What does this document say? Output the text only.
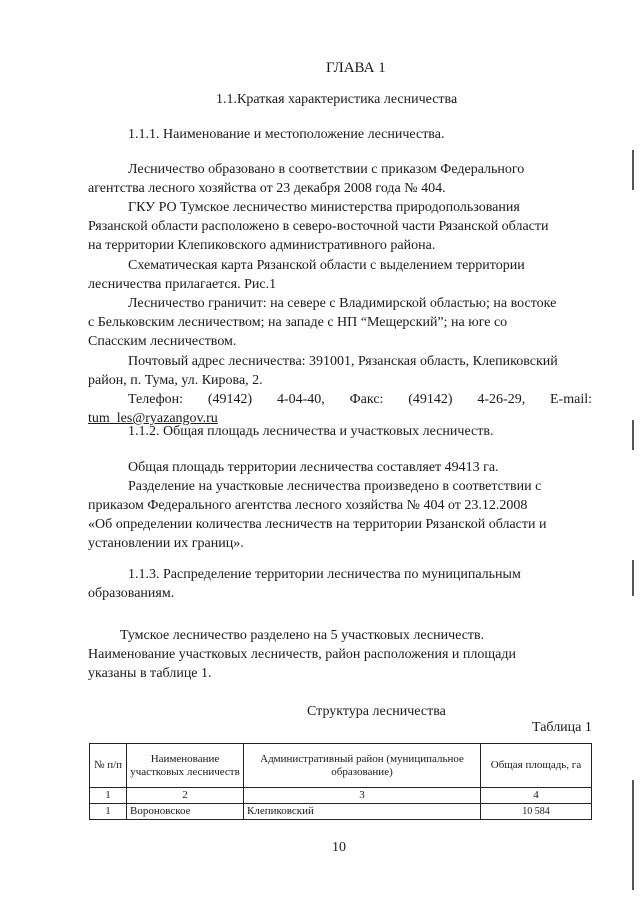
ГЛАВА 1
1.1.Краткая характеристика лесничества
1.1.1. Наименование и местоположение лесничества.
Лесничество образовано в соответствии с приказом Федерального
агентства лесного хозяйства от 23 декабря 2008 года № 404.
ГКУ РО Тумское лесничество министерства природопользования
Рязанской области расположено в северо-восточной части Рязанской области
на территории Клепиковского административного района.
Схематическая карта Рязанской области с выделением территории
лесничества прилагается. Рис.1
Лесничество граничит: на севере с Владимирской областью; на востоке
с Бельковским лесничеством; на западе с НП “Мещерский”; на юге со
Спасским лесничеством.
Почтовый адрес лесничества: 391001, Рязанская область, Клепиковский
район, п. Тума, ул. Кирова, 2.
Телефон: (49142) 4-04-40, Факс: (49142) 4-26-29, E-mail:
tum_les@ryazangov.ru
1.1.2. Общая площадь лесничества и участковых лесничеств.
Общая площадь территории лесничества составляет 49413 га.
Разделение на участковые лесничества произведено в соответствии с
приказом Федерального агентства лесного хозяйства № 404 от 23.12.2008
«Об определении количества лесничеств на территории Рязанской области и
установлении их границ».
1.1.3. Распределение территории лесничества по муниципальным
образованиям.
Тумское лесничество разделено на 5 участковых лесничеств.
Наименование участковых лесничеств, район расположения и площади
указаны в таблице 1.
Структура лесничества
Таблица 1
№ п/п	Наименование участковых лесничеств	Административный район (муниципальное образование)	Общая площадь, га
1	2	3	4
1	Вороновское	Клепиковский	10 584
10
